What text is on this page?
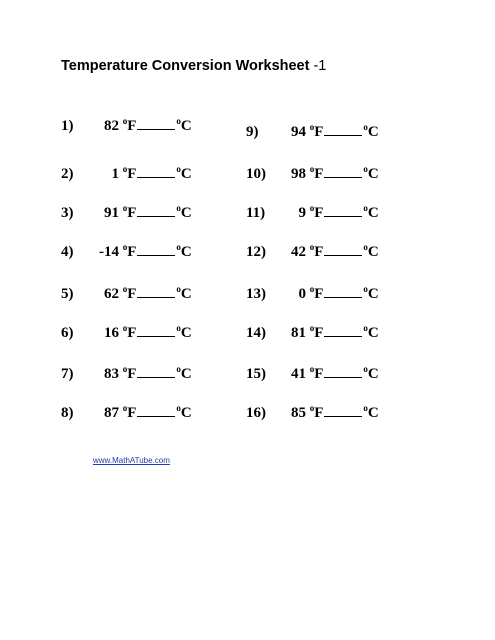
Temperature Conversion Worksheet -1
1) 82 $^o$F	$^o$C
2)	1 $^o$F	$^o$C
3) 91 $^o$F	$^o$C
4) -14 $^o$F	$^o$C
5) 62 $^o$F	$^o$C
6) 16 $^o$F	$^o$C
7) 83 $^o$F	$^o$C
8) 87 $^o$F	$^o$C
9) 94 $^o$F	$^o$C
10) 98 $^o$F	$^o$C
11) 9 $^o$F	$^o$C
12) 42 $^o$F	$^o$C
13) 0 $^o$F	$^o$C
14) 81 $^o$F	$^o$C
15) 41 $^o$F	$^o$C
16) 85 $^o$F	$^o$C
www.MathATube.com
